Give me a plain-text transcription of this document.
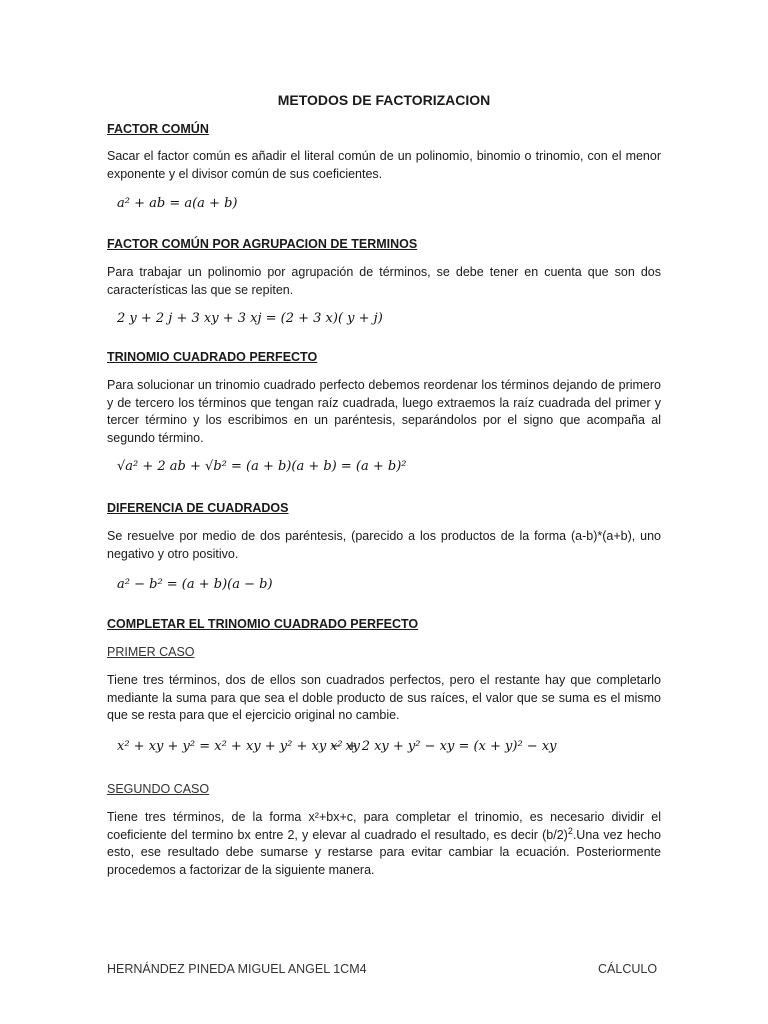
METODOS DE FACTORIZACION
FACTOR COMÚN
Sacar el factor común es añadir el literal común de un polinomio, binomio o trinomio, con el menor exponente y el divisor común de sus coeficientes.
a² + ab = a(a + b)
FACTOR COMÚN POR AGRUPACION DE TERMINOS
Para trabajar un polinomio por agrupación de términos, se debe tener en cuenta que son dos características las que se repiten.
2 y + 2 j + 3 xy + 3 xj = (2 + 3 x)( y + j)
TRINOMIO CUADRADO PERFECTO
Para solucionar un trinomio cuadrado perfecto debemos reordenar los términos dejando de primero y de tercero los términos que tengan raíz cuadrada, luego extraemos la raíz cuadrada del primer y tercer término y los escribimos en un paréntesis, separándolos por el signo que acompaña al segundo término.
√a² + 2 ab + √b² = (a + b)(a + b) = (a + b)²
DIFERENCIA DE CUADRADOS
Se resuelve por medio de dos paréntesis, (parecido a los productos de la forma (a-b)*(a+b), uno negativo y otro positivo.
a² − b² = (a + b)(a − b)
COMPLETAR EL TRINOMIO CUADRADO PERFECTO
PRIMER CASO
Tiene tres términos, dos de ellos son cuadrados perfectos, pero el restante hay que completarlo mediante la suma para que sea el doble producto de sus raíces, el valor que se suma es el mismo que se resta para que el ejercicio original no cambie.
x² + xy + y² = x² + xy + y² + xy − xy
x² + 2 xy + y² − xy = (x + y)² − xy
SEGUNDO CASO
Tiene tres términos, de la forma x²+bx+c, para completar el trinomio, es necesario dividir el coeficiente del termino bx entre 2, y elevar al cuadrado el resultado, es decir $(b/2)^2.Una$ vez hecho esto, ese resultado debe sumarse y restarse para evitar cambiar la ecuación. Posteriormente procedemos a factorizar de la siguiente manera.
HERNÁNDEZ PINEDA MIGUEL ANGEL 1CM4	CÁLCULO
